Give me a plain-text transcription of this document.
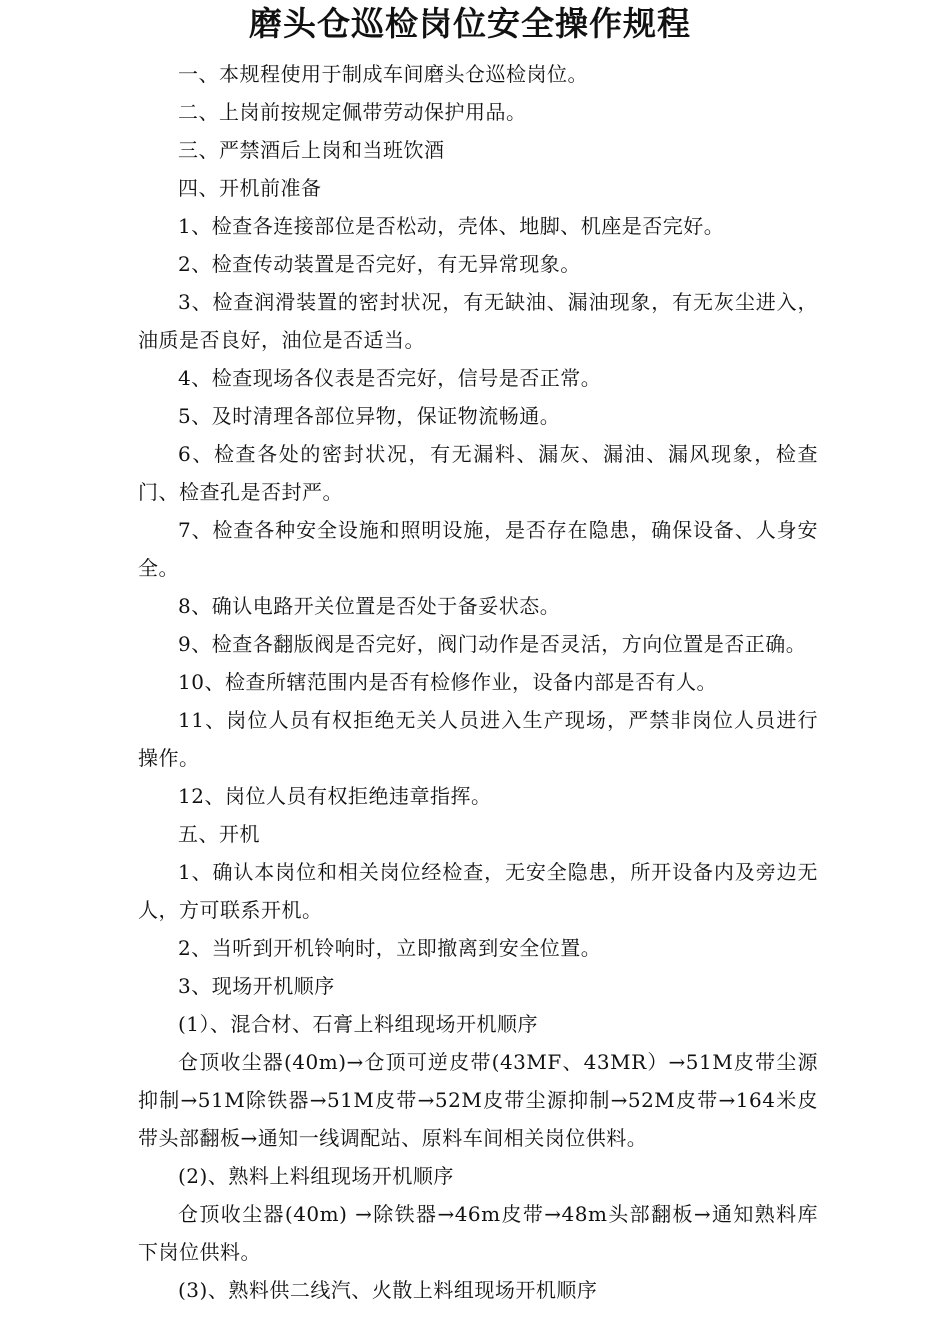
磨头仓巡检岗位安全操作规程

一、本规程使用于制成车间磨头仓巡检岗位。

二、上岗前按规定佩带劳动保护用品。

三、严禁酒后上岗和当班饮酒

四、开机前准备

1、检查各连接部位是否松动，壳体、地脚、机座是否完好。

2、检查传动装置是否完好，有无异常现象。

3、检查润滑装置的密封状况，有无缺油、漏油现象，有无灰尘进入，油质是否良好，油位是否适当。

4、检查现场各仪表是否完好，信号是否正常。

5、及时清理各部位异物，保证物流畅通。

6、检查各处的密封状况，有无漏料、漏灰、漏油、漏风现象，检查门、检查孔是否封严。

7、检查各种安全设施和照明设施，是否存在隐患，确保设备、人身安全。

8、确认电路开关位置是否处于备妥状态。

9、检查各翻版阀是否完好，阀门动作是否灵活，方向位置是否正确。

10、检查所辖范围内是否有检修作业，设备内部是否有人。

11、岗位人员有权拒绝无关人员进入生产现场，严禁非岗位人员进行操作。

12、岗位人员有权拒绝违章指挥。

五、开机

1、确认本岗位和相关岗位经检查，无安全隐患，所开设备内及旁边无人，方可联系开机。

2、当听到开机铃响时，立即撤离到安全位置。

3、现场开机顺序

(1）、混合材、石膏上料组现场开机顺序

仓顶收尘器(40m)→仓顶可逆皮带(43MF、43MR）→51M皮带尘源抑制→51M除铁器→51M皮带→52M皮带尘源抑制→52M皮带→164米皮带头部翻板→通知一线调配站、原料车间相关岗位供料。

(2)、熟料上料组现场开机顺序

仓顶收尘器(40m) →除铁器→46m皮带→48m头部翻板→通知熟料库下岗位供料。

(3)、熟料供二线汽、火散上料组现场开机顺序
